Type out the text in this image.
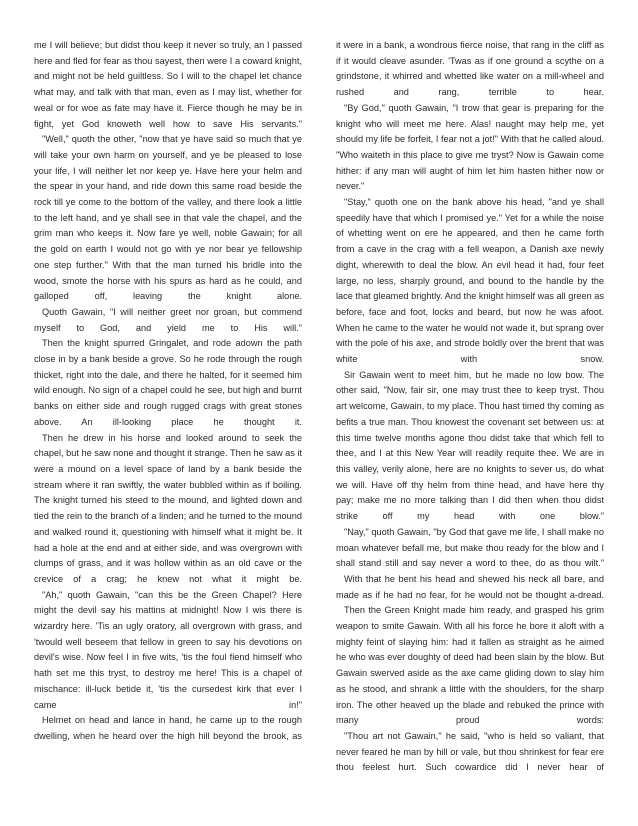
me I will believe; but didst thou keep it never so truly, an I passed here and fled for fear as thou sayest, then were I a coward knight, and might not be held guiltless. So I will to the chapel let chance what may, and talk with that man, even as I may list, whether for weal or for woe as fate may have it. Fierce though he may be in fight, yet God knoweth well how to save His servants."

"Well," quoth the other, "now that ye have said so much that ye will take your own harm on yourself, and ye be pleased to lose your life, I will neither let nor keep ye. Have here your helm and the spear in your hand, and ride down this same road beside the rock till ye come to the bottom of the valley, and there look a little to the left hand, and ye shall see in that vale the chapel, and the grim man who keeps it. Now fare ye well, noble Gawain; for all the gold on earth I would not go with ye nor bear ye fellowship one step further." With that the man turned his bridle into the wood, smote the horse with his spurs as hard as he could, and galloped off, leaving the knight alone.

Quoth Gawain, "I will neither greet nor groan, but commend myself to God, and yield me to His will."

Then the knight spurred Gringalet, and rode adown the path close in by a bank beside a grove. So he rode through the rough thicket, right into the dale, and there he halted, for it seemed him wild enough. No sign of a chapel could he see, but high and burnt banks on either side and rough rugged crags with great stones above. An ill-looking place he thought it.

Then he drew in his horse and looked around to seek the chapel, but he saw none and thought it strange. Then he saw as it were a mound on a level space of land by a bank beside the stream where it ran swiftly, the water bubbled within as if boiling. The knight turned his steed to the mound, and lighted down and tied the rein to the branch of a linden; and he turned to the mound and walked round it, questioning with himself what it might be. It had a hole at the end and at either side, and was overgrown with clumps of grass, and it was hollow within as an old cave or the crevice of a crag; he knew not what it might be.

"Ah," quoth Gawain, "can this be the Green Chapel? Here might the devil say his mattins at midnight! Now I wis there is wizardry here. 'Tis an ugly oratory, all overgrown with grass, and 'twould well beseem that fellow in green to say his devotions on devil's wise. Now feel I in five wits, 'tis the foul fiend himself who hath set me this tryst, to destroy me here! This is a chapel of mischance: ill-luck betide it, 'tis the cursedest kirk that ever I came in!"

Helmet on head and lance in hand, he came up to the rough dwelling, when he heard over the high hill beyond the brook, as

it were in a bank, a wondrous fierce noise, that rang in the cliff as if it would cleave asunder. 'Twas as if one ground a scythe on a grindstone, it whirred and whetted like water on a mill-wheel and rushed and rang, terrible to hear.

"By God," quoth Gawain, "I trow that gear is preparing for the knight who will meet me here. Alas! naught may help me, yet should my life be forfeit, I fear not a jot!" With that he called aloud. "Who waiteth in this place to give me tryst? Now is Gawain come hither: if any man will aught of him let him hasten hither now or never."

"Stay," quoth one on the bank above his head, "and ye shall speedily have that which I promised ye." Yet for a while the noise of whetting went on ere he appeared, and then he came forth from a cave in the crag with a fell weapon, a Danish axe newly dight, wherewith to deal the blow. An evil head it had, four feet large, no less, sharply ground, and bound to the handle by the lace that gleamed brightly. And the knight himself was all green as before, face and foot, locks and beard, but now he was afoot. When he came to the water he would not wade it, but sprang over with the pole of his axe, and strode boldly over the brent that was white with snow.

Sir Gawain went to meet him, but he made no low bow. The other said, "Now, fair sir, one may trust thee to keep tryst. Thou art welcome, Gawain, to my place. Thou hast timed thy coming as befits a true man. Thou knowest the covenant set between us: at this time twelve months agone thou didst take that which fell to thee, and I at this New Year will readily requite thee. We are in this valley, verily alone, here are no knights to sever us, do what we will. Have off thy helm from thine head, and have here thy pay; make me no more talking than I did then when thou didst strike off my head with one blow."

"Nay," quoth Gawain, "by God that gave me life, I shall make no moan whatever befall me, but make thou ready for the blow and I shall stand still and say never a word to thee, do as thou wilt."

With that he bent his head and shewed his neck all bare, and made as if he had no fear, for he would not be thought a-dread.

Then the Green Knight made him ready, and grasped his grim weapon to smite Gawain. With all his force he bore it aloft with a mighty feint of slaying him: had it fallen as straight as he aimed he who was ever doughty of deed had been slain by the blow. But Gawain swerved aside as the axe came gliding down to slay him as he stood, and shrank a little with the shoulders, for the sharp iron. The other heaved up the blade and rebuked the prince with many proud words:

"Thou art not Gawain," he said, "who is held so valiant, that never feared he man by hill or vale, but thou shrinkest for fear ere thou feelest hurt. Such cowardice did I never hear of
